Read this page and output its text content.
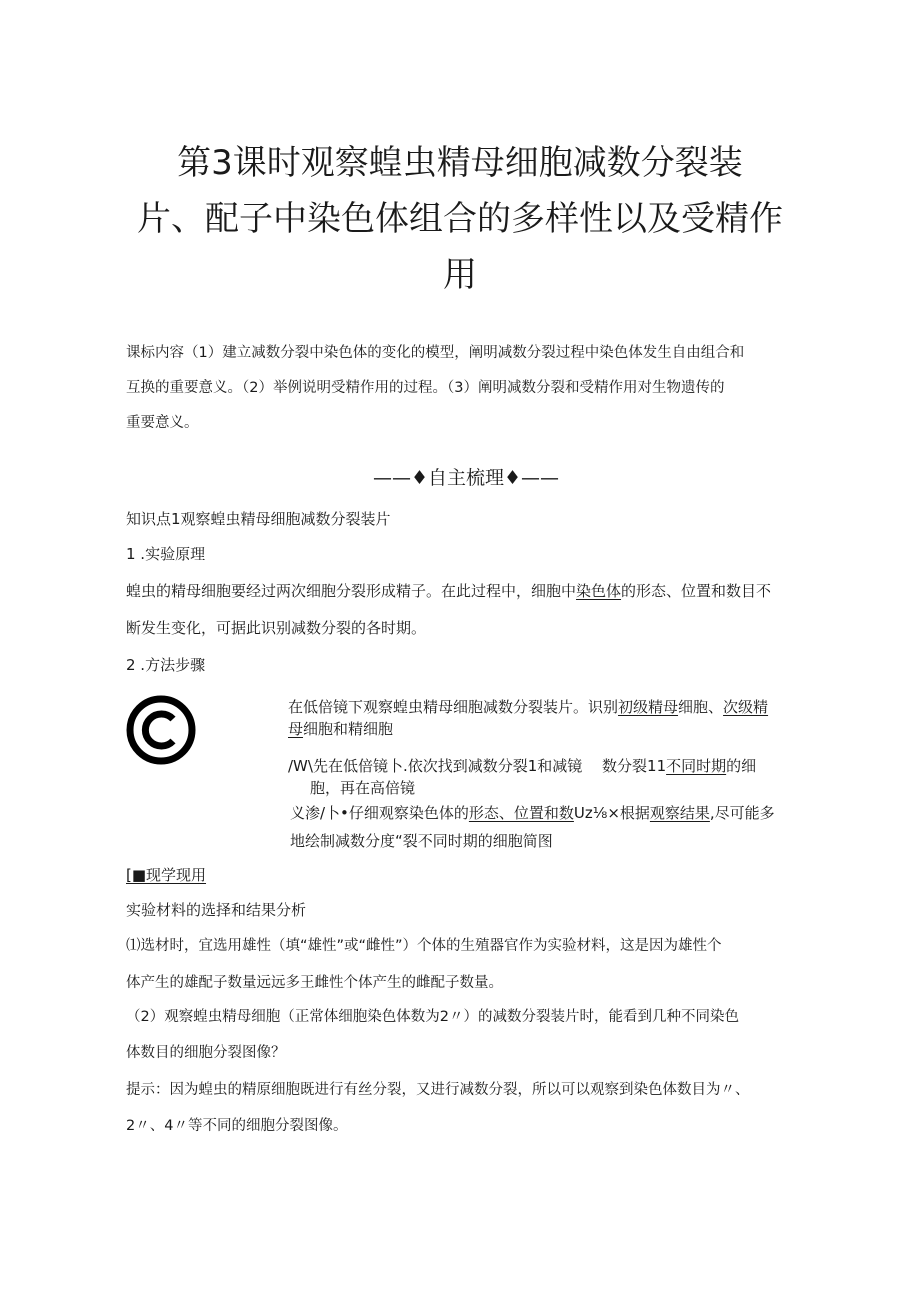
第3课时观察蝗虫精母细胞减数分裂装
片、配子中染色体组合的多样性以及受精作
用
课标内容（1）建立减数分裂中染色体的变化的模型，阐明减数分裂过程中染色体发生自由组合和
互换的重要意义。（2）举例说明受精作用的过程。（3）阐明减数分裂和受精作用对生物遗传的
重要意义。
——♦自主梳理♦——
知识点1观察蝗虫精母细胞减数分裂装片
1 .实验原理
蝗虫的精母细胞要经过两次细胞分裂形成精子。在此过程中，细胞中染色体的形态、位置和数目不
断发生变化，可据此识别减数分裂的各时期。
2 .方法步骤
在低倍镜下观察蝗虫精母细胞减数分裂装片。识别初级精母细胞、次级精
母细胞和精细胞
/W\先在低倍镜卜.依次找到减数分裂1和减镜　 数分裂11不同时期的细
胞，再在高倍镜
义渗/卜•仔细观察染色体的形态、位置和数Uz⅛×根据观察结果,尽可能多
地绘制减数分度“裂不同时期的细胞简图
[■现学现用
实验材料的选择和结果分析
⑴选材时，宜选用雄性（填“雄性”或“雌性”）个体的生殖器官作为实验材料，这是因为雄性个
体产生的雄配子数量远远多王雌性个体产生的雌配子数量。
（2）观察蝗虫精母细胞（正常体细胞染色体数为2〃）的减数分裂装片时，能看到几种不同染色
体数目的细胞分裂图像？
提示：因为蝗虫的精原细胞既进行有丝分裂，又进行减数分裂，所以可以观察到染色体数目为〃、
2〃、4〃等不同的细胞分裂图像。
